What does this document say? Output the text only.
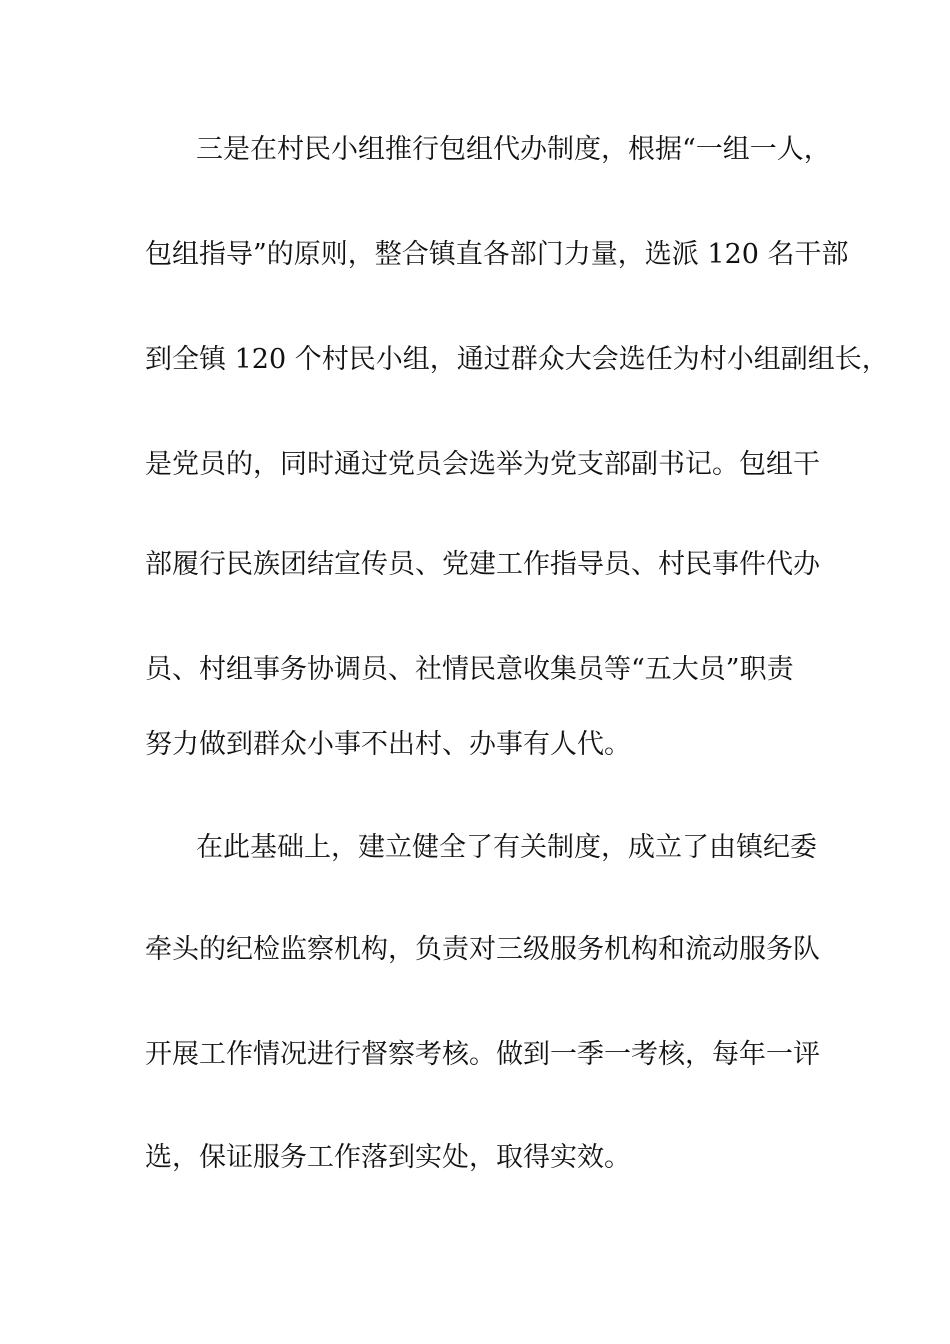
三是在村民小组推行包组代办制度，根据“一组一人，

包组指导”的原则，整合镇直各部门力量，选派 120 名干部

到全镇 120 个村民小组，通过群众大会选任为村小组副组长，

是党员的，同时通过党员会选举为党支部副书记。包组干

部履行民族团结宣传员、党建工作指导员、村民事件代办

员、村组事务协调员、社情民意收集员等“五大员”职责

努力做到群众小事不出村、办事有人代。

在此基础上，建立健全了有关制度，成立了由镇纪委

牵头的纪检监察机构，负责对三级服务机构和流动服务队

开展工作情况进行督察考核。做到一季一考核，每年一评

选，保证服务工作落到实处，取得实效。
